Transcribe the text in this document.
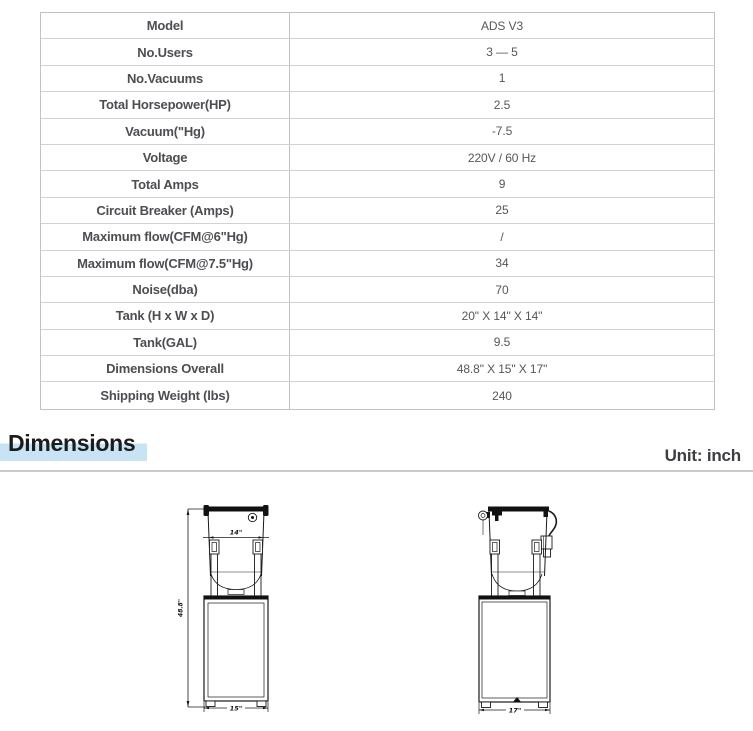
Model	ADS V3
No.Users	3 — 5
No.Vacuums	1
Total Horsepower(HP)	2.5
Vacuum("Hg)	-7.5
Voltage	220V / 60 Hz
Total Amps	9
Circuit Breaker (Amps)	25
Maximum flow(CFM@6"Hg)	/
Maximum flow(CFM@7.5"Hg)	34
Noise(dba)	70
Tank (H x W x D)	20" X 14" X 14"
Tank(GAL)	9.5
Dimensions Overall	48.8" X 15" X 17"
Shipping Weight (lbs)	240
Dimensions	Unit: inch
48.8"
14"
15"	17"
